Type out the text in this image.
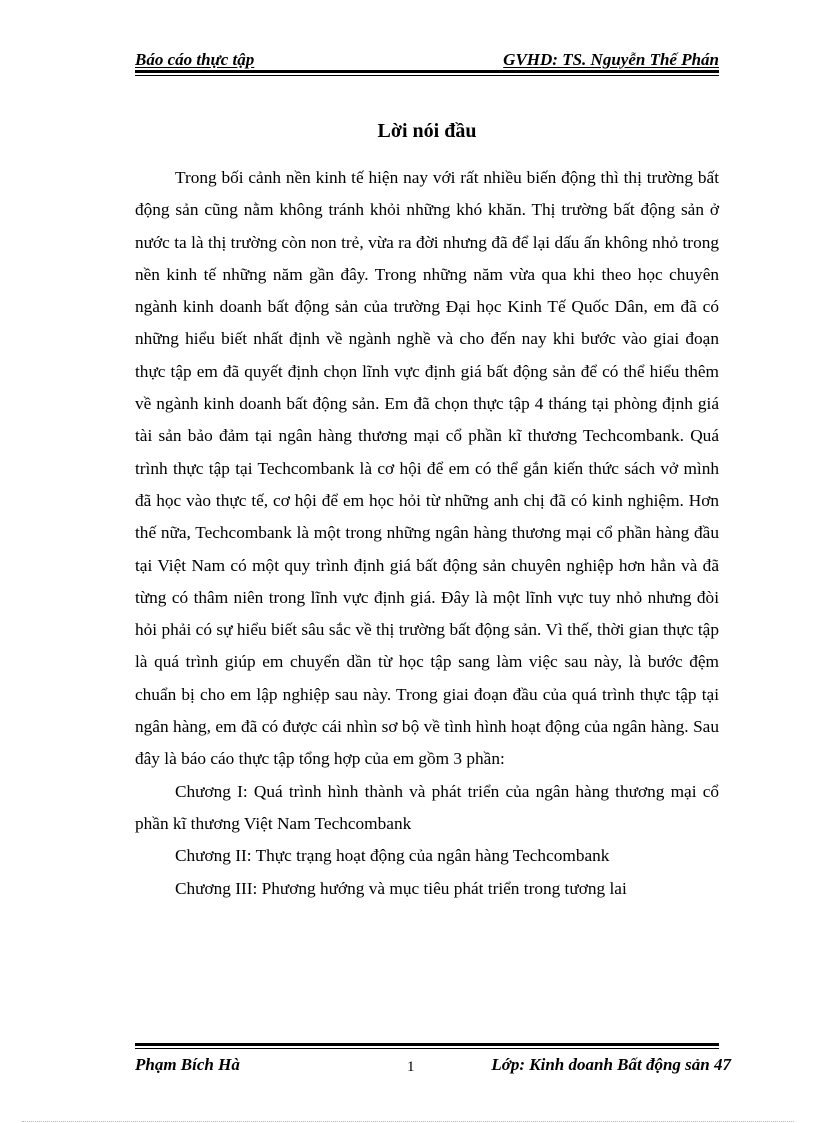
Báo cáo thực tập	GVHD: TS. Nguyễn Thế Phán
Lời nói đầu

Trong bối cảnh nền kinh tế hiện nay với rất nhiều biến động thì thị trường bất động sản cũng nằm không tránh khỏi những khó khăn. Thị trường bất động sản ở nước ta là thị trường còn non trẻ, vừa ra đời nhưng đã để lại dấu ấn không nhỏ trong nền kinh tế những năm gần đây. Trong những năm vừa qua khi theo học chuyên ngành kinh doanh bất động sản của trường Đại học Kinh Tế Quốc Dân, em đã có những hiểu biết nhất định về ngành nghề và cho đến nay khi bước vào giai đoạn thực tập em đã quyết định chọn lĩnh vực định giá bất động sản để có thể hiểu thêm về ngành kinh doanh bất động sản. Em đã chọn thực tập 4 tháng tại phòng định giá tài sản bảo đảm tại ngân hàng thương mại cổ phần kĩ thương Techcombank. Quá trình thực tập tại Techcombank là cơ hội để em có thể gắn kiến thức sách vở mình đã học vào thực tế, cơ hội để em học hỏi từ những anh chị đã có kinh nghiệm. Hơn thế nữa, Techcombank là một trong những ngân hàng thương mại cổ phần hàng đầu tại Việt Nam có một quy trình định giá bất động sản chuyên nghiệp hơn hẳn và đã từng có thâm niên trong lĩnh vực định giá. Đây là một lĩnh vực tuy nhỏ nhưng đòi hỏi phải có sự hiểu biết sâu sắc về thị trường bất động sản. Vì thế, thời gian thực tập là quá trình giúp em chuyển dần từ học tập sang làm việc sau này, là bước đệm chuẩn bị cho em lập nghiệp sau này. Trong giai đoạn đầu của quá trình thực tập tại ngân hàng, em đã có được cái nhìn sơ bộ về tình hình hoạt động của ngân hàng. Sau đây là báo cáo thực tập tổng hợp của em gồm 3 phần:

Chương I: Quá trình hình thành và phát triển của ngân hàng thương mại cổ phần kĩ thương Việt Nam Techcombank

Chương II: Thực trạng hoạt động của ngân hàng Techcombank

Chương III: Phương hướng và mục tiêu phát triển trong tương lai

Phạm Bích Hà	1	Lớp: Kinh doanh Bất động sản 47
